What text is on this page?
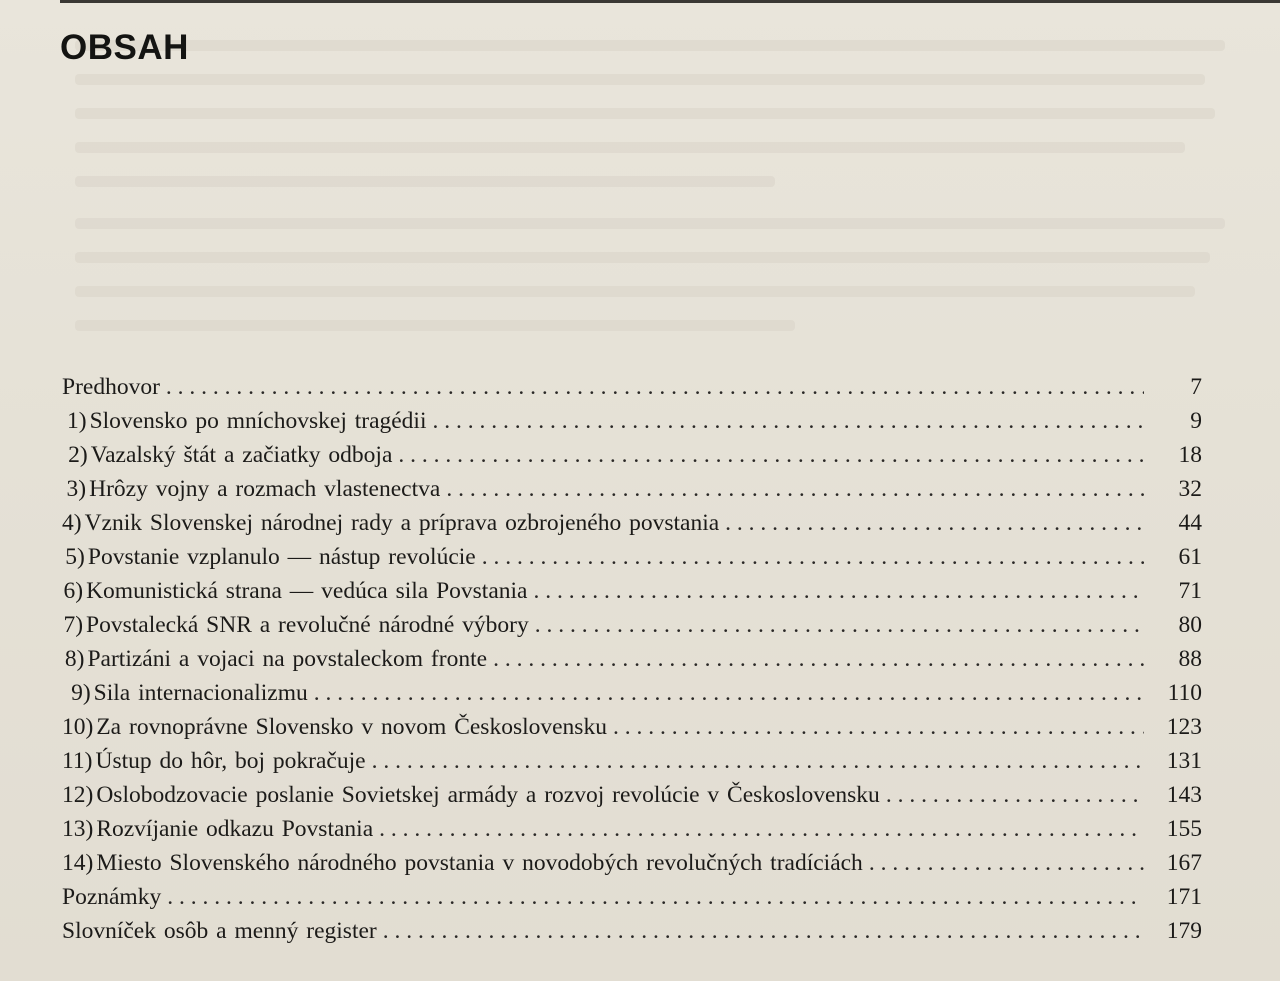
OBSAH
Predhovor . . .	7
1) Slovensko po mníchovskej tragédii . . .	9
2) Vazalský štát a začiatky odboja . . .	18
3) Hrôzy vojny a rozmach vlastenectva . . .	32
4) Vznik Slovenskej národnej rady a príprava ozbrojeného povstania . . .	44
5) Povstanie vzplanulo — nástup revolúcie . . .	61
6) Komunistická strana — vedúca sila Povstania . . .	71
7) Povstalecká SNR a revolučné národné výbory . . .	80
8) Partizáni a vojaci na povstaleckom fronte . . .	88
9) Sila internacionalizmu . . .	110
10) Za rovnoprávne Slovensko v novom Československu . . .	123
11) Ústup do hôr, boj pokračuje . . .	131
12) Oslobodzovacie poslanie Sovietskej armády a rozvoj revolúcie v Československu . . .	143
13) Rozvíjanie odkazu Povstania . . .	155
14) Miesto Slovenského národného povstania v novodobých revolučných tradíciách . . .	167
Poznámky . . .	171
Slovníček osôb a menný register . . .	179
